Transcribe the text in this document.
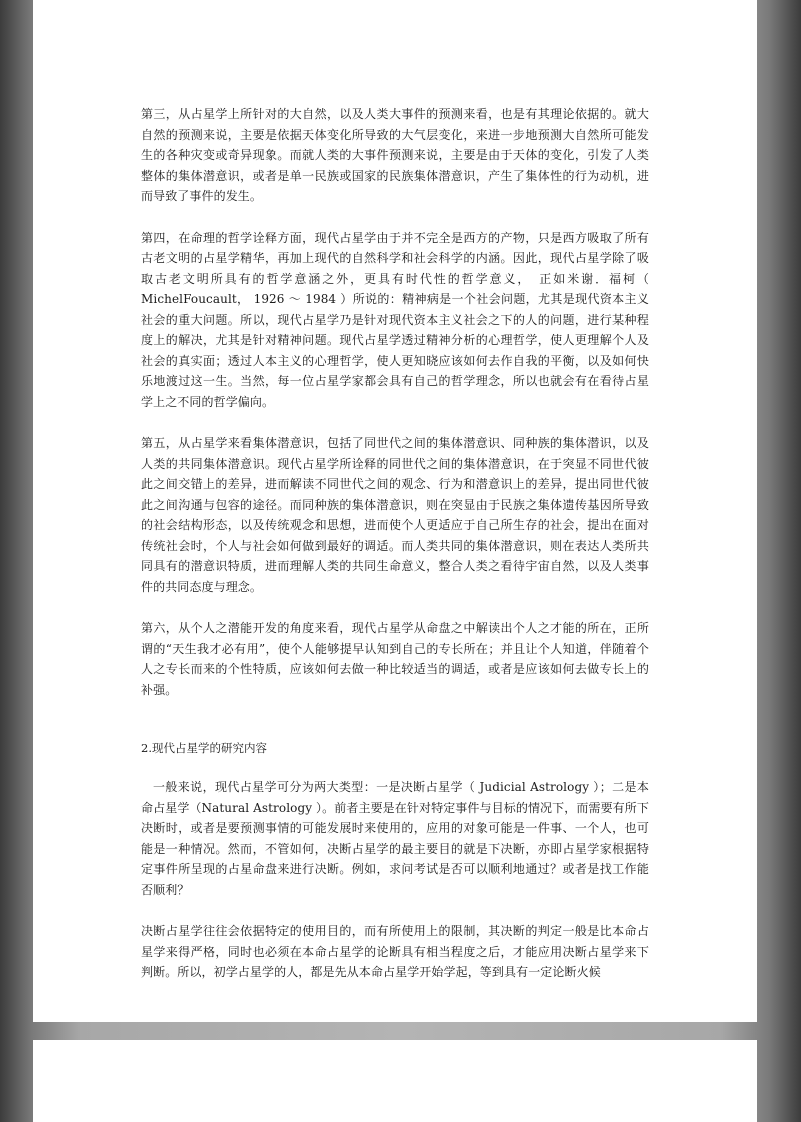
第三，从占星学上所针对的大自然，以及人类大事件的预测来看，也是有其理论依据的。就大自然的预测来说，主要是依据天体变化所导致的大气层变化，来进一步地预测大自然所可能发生的各种灾变或奇异现象。而就人类的大事件预测来说，主要是由于天体的变化，引发了人类整体的集体潜意识，或者是单一民族或国家的民族集体潜意识，产生了集体性的行为动机，进而导致了事件的发生。

第四，在命理的哲学诠释方面，现代占星学由于并不完全是西方的产物，只是西方吸取了所有古老文明的占星学精华，再加上现代的自然科学和社会科学的内涵。因此，现代占星学除了吸取古老文明所具有的哲学意涵之外，更具有时代性的哲学意义，　正如米谢．福柯（ MichelFoucault， 1926 ～ 1984 ）所说的：精神病是一个社会问题，尤其是现代资本主义社会的重大问题。所以，现代占星学乃是针对现代资本主义社会之下的人的问题，进行某种程度上的解决，尤其是针对精神问题。现代占星学透过精神分析的心理哲学，使人更理解个人及社会的真实面；透过人本主义的心理哲学，使人更知晓应该如何去作自我的平衡，以及如何快乐地渡过这一生。当然，每一位占星学家都会具有自己的哲学理念，所以也就会有在看待占星学上之不同的哲学偏向。

第五，从占星学来看集体潜意识，包括了同世代之间的集体潜意识、同种族的集体潜识，以及人类的共同集体潜意识。现代占星学所诠释的同世代之间的集体潜意识，在于突显不同世代彼此之间交错上的差异，进而解读不同世代之间的观念、行为和潜意识上的差异，提出同世代彼此之间沟通与包容的途径。而同种族的集体潜意识，则在突显由于民族之集体遗传基因所导致的社会结构形态，以及传统观念和思想，进而使个人更适应于自己所生存的社会，提出在面对传统社会时，个人与社会如何做到最好的调适。而人类共同的集体潜意识，则在表达人类所共同具有的潜意识特质，进而理解人类的共同生命意义，整合人类之看待宇宙自然，以及人类事件的共同态度与理念。

第六，从个人之潜能开发的角度来看，现代占星学从命盘之中解读出个人之才能的所在，正所谓的“天生我才必有用”，使个人能够提早认知到自己的专长所在；并且让个人知道，伴随着个人之专长而来的个性特质，应该如何去做一种比较适当的调适，或者是应该如何去做专长上的补强。

2.现代占星学的研究内容

一般来说，现代占星学可分为两大类型：一是决断占星学（ Judicial Astrology ）；二是本命占星学（Natural Astrology ）。前者主要是在针对特定事件与目标的情况下，而需要有所下决断时，或者是要预测事情的可能发展时来使用的，应用的对象可能是一件事、一个人，也可能是一种情况。然而，不管如何，决断占星学的最主要目的就是下决断，亦即占星学家根据特定事件所呈现的占星命盘来进行决断。例如，求问考试是否可以顺利地通过？或者是找工作能否顺利？

决断占星学往往会依据特定的使用目的，而有所使用上的限制，其决断的判定一般是比本命占星学来得严格，同时也必须在本命占星学的论断具有相当程度之后，才能应用决断占星学来下判断。所以，初学占星学的人，都是先从本命占星学开始学起，等到具有一定论断火候
